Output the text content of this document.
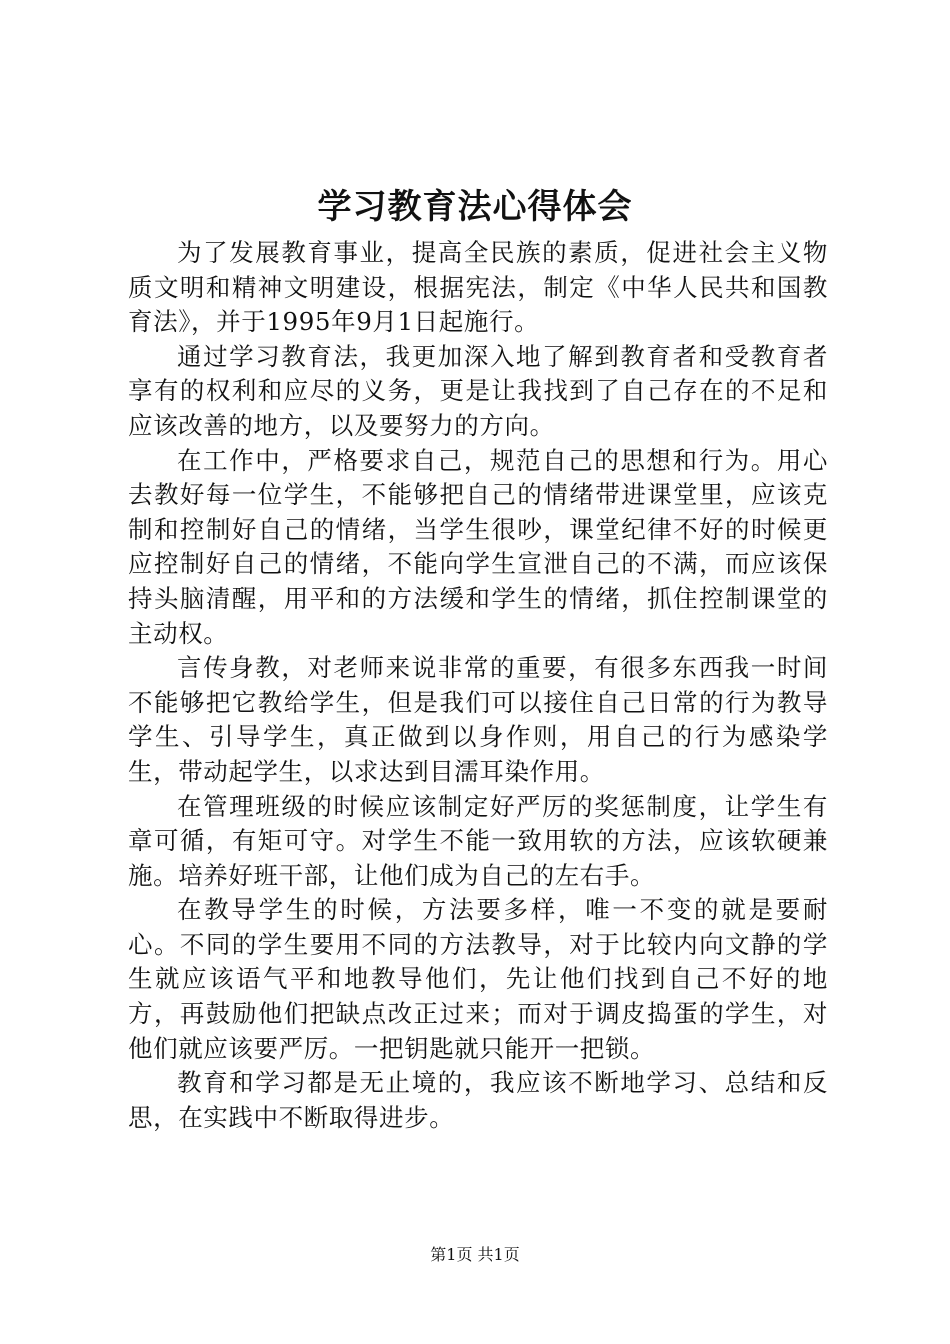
学习教育法心得体会

为了发展教育事业，提高全民族的素质，促进社会主义物质文明和精神文明建设，根据宪法，制定《中华人民共和国教育法》，并于1995年9月1日起施行。

通过学习教育法，我更加深入地了解到教育者和受教育者享有的权利和应尽的义务，更是让我找到了自己存在的不足和应该改善的地方，以及要努力的方向。

在工作中，严格要求自己，规范自己的思想和行为。用心去教好每一位学生，不能够把自己的情绪带进课堂里，应该克制和控制好自己的情绪，当学生很吵，课堂纪律不好的时候更应控制好自己的情绪，不能向学生宣泄自己的不满，而应该保持头脑清醒，用平和的方法缓和学生的情绪，抓住控制课堂的主动权。

言传身教，对老师来说非常的重要，有很多东西我一时间不能够把它教给学生，但是我们可以接住自己日常的行为教导学生、引导学生，真正做到以身作则，用自己的行为感染学生，带动起学生，以求达到目濡耳染作用。

在管理班级的时候应该制定好严厉的奖惩制度，让学生有章可循，有矩可守。对学生不能一致用软的方法，应该软硬兼施。培养好班干部，让他们成为自己的左右手。

在教导学生的时候，方法要多样，唯一不变的就是要耐心。不同的学生要用不同的方法教导，对于比较内向文静的学生就应该语气平和地教导他们，先让他们找到自己不好的地方，再鼓励他们把缺点改正过来；而对于调皮捣蛋的学生，对他们就应该要严厉。一把钥匙就只能开一把锁。

教育和学习都是无止境的，我应该不断地学习、总结和反思，在实践中不断取得进步。

第1页 共1页
